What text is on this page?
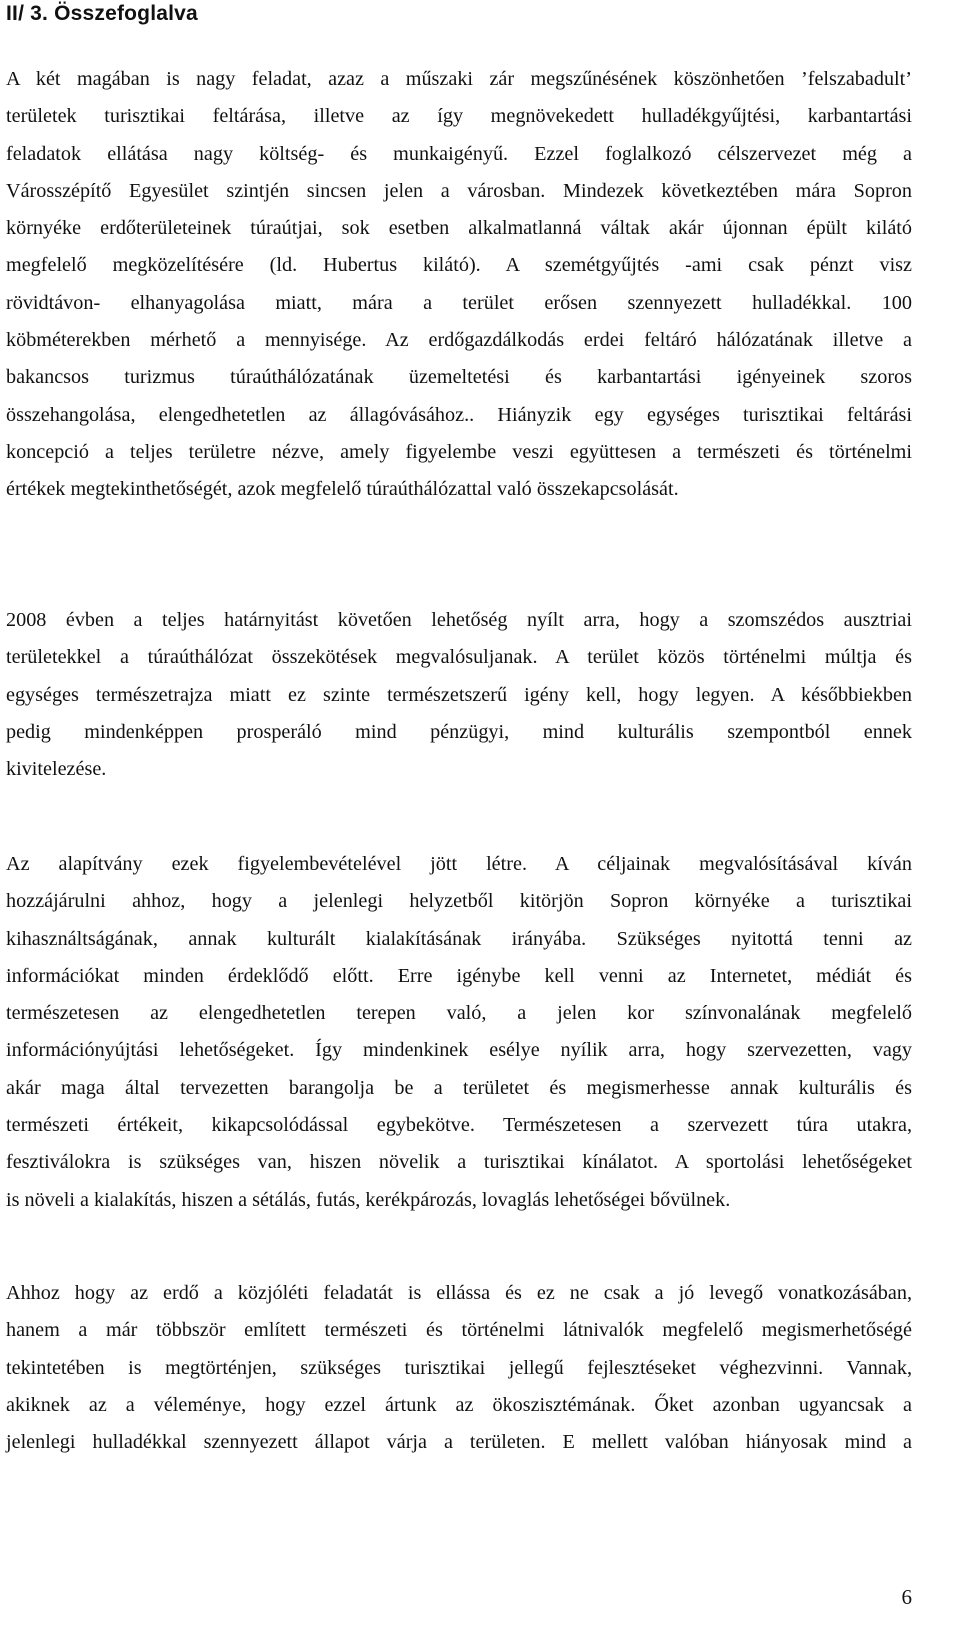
II/ 3. Összefoglalva
A két magában is nagy feladat, azaz a műszaki zár megszűnésének köszönhetően ’felszabadult’
területek turisztikai feltárása, illetve az így megnövekedett hulladékgyűjtési, karbantartási
feladatok ellátása nagy költség- és munkaigényű. Ezzel foglalkozó célszervezet még a
Városszépítő Egyesület szintjén sincsen jelen a városban. Mindezek következtében mára Sopron
környéke erdőterületeinek túraútjai, sok esetben alkalmatlanná váltak akár újonnan épült kilátó
megfelelő megközelítésére (ld. Hubertus kilátó). A szemétgyűjtés -ami csak pénzt visz
rövidtávon- elhanyagolása miatt, mára a terület erősen szennyezett hulladékkal. 100
köbméterekben mérhető a mennyisége. Az erdőgazdálkodás erdei feltáró hálózatának illetve a
bakancsos turizmus túraúthálózatának üzemeltetési és karbantartási igényeinek szoros
összehangolása, elengedhetetlen az állagóvásához.. Hiányzik egy egységes turisztikai feltárási
koncepció a teljes területre nézve, amely figyelembe veszi együttesen a természeti és történelmi
értékek megtekinthetőségét, azok megfelelő túraúthálózattal való összekapcsolását.
2008 évben a teljes határnyitást követően lehetőség nyílt arra, hogy a szomszédos ausztriai
területekkel a túraúthálózat összekötések megvalósuljanak. A terület közös történelmi múltja és
egységes természetrajza miatt ez szinte természetszerű igény kell, hogy legyen. A későbbiekben
pedig mindenképpen prosperáló mind pénzügyi, mind kulturális szempontból ennek
kivitelezése.
Az alapítvány ezek figyelembevételével jött létre. A céljainak megvalósításával kíván
hozzájárulni ahhoz, hogy a jelenlegi helyzetből kitörjön Sopron környéke a turisztikai
kihasználtságának, annak kulturált kialakításának irányába. Szükséges nyitottá tenni az
információkat minden érdeklődő előtt. Erre igénybe kell venni az Internetet, médiát és
természetesen az elengedhetetlen terepen való, a jelen kor színvonalának megfelelő
információnyújtási lehetőségeket. Így mindenkinek esélye nyílik arra, hogy szervezetten, vagy
akár maga által tervezetten barangolja be a területet és megismerhesse annak kulturális és
természeti értékeit, kikapcsolódással egybekötve. Természetesen a szervezett túra utakra,
fesztiválokra is szükséges van, hiszen növelik a turisztikai kínálatot. A sportolási lehetőségeket
is növeli a kialakítás, hiszen a sétálás, futás, kerékpározás, lovaglás lehetőségei bővülnek.
Ahhoz hogy az erdő a közjóléti feladatát is ellássa és ez ne csak a jó levegő vonatkozásában,
hanem a már többször említett természeti és történelmi látnivalók megfelelő megismerhetőségé
tekintetében is megtörténjen, szükséges turisztikai jellegű fejlesztéseket véghezvinni. Vannak,
akiknek az a véleménye, hogy ezzel ártunk az ökoszisztémának. Őket azonban ugyancsak a
jelenlegi hulladékkal szennyezett állapot várja a területen. E mellett valóban hiányosak mind a
6
